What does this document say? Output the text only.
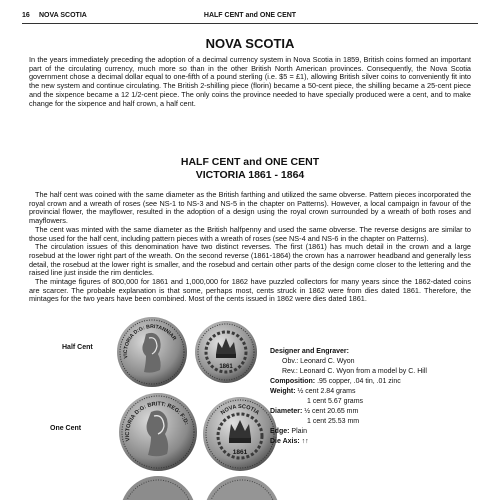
16 NOVA SCOTIA	HALF CENT and ONE CENT
NOVA SCOTIA

In the years immediately preceding the adoption of a decimal currency system in Nova Scotia in 1859, British coins formed an important part of the circulating currency, much more so than in the other British North American provinces. Consequently, the Nova Scotia government chose a decimal dollar equal to one-fifth of a pound sterling (i.e. $5 = £1), allowing British silver coins to conveniently fit into the new system and continue circulating. The British 2-shilling piece (florin) became a 50-cent piece, the shilling became a 25-cent piece and the sixpence became a 12 1/2-cent piece. The only coins the province needed to have specially produced were a cent, and to make change for the sixpence and half crown, a half cent.

HALF CENT and ONE CENT
VICTORIA 1861 - 1864

The half cent was coined with the same diameter as the British farthing and utilized the same obverse. Pattern pieces incorporated the royal crown and a wreath of roses (see NS-1 to NS-3 and NS-5 in the chapter on Patterns). However, a local campaign in favour of the provincial flower, the mayflower, resulted in the adoption of a design using the royal crown surrounded by a wreath of both roses and mayflowers.

The cent was minted with the same diameter as the British halfpenny and used the same obverse. The reverse designs are similar to those used for the half cent, including pattern pieces with a wreath of roses (see NS-4 and NS-6 in the chapter on Patterns).

The circulation issues of this denomination have two distinct reverses. The first (1861) has much detail in the crown and a large rosebud at the lower right part of the wreath. On the second reverse (1861-1864) the crown has a narrower headband and generally less detail, the rosebud at the lower right is smaller, and the rosebud and certain other parts of the design come closer to the lettering and the raised line just inside the rim denticles.

The mintage figures of 800,000 for 1861 and 1,000,000 for 1862 have puzzled collectors for many years since the 1862-dated coins are scarcer. The probable explanation is that some, perhaps most, cents struck in 1862 were from dies dated 1861. Therefore, the mintages for the two years have been combined. Most of the cents issued in 1862 were dies dated 1861.

Half Cent
One Cent
VICTORIA D:G: BRITANNIAR
1861
VICTORIA D:G: BRITT: REG: F:D:
NOVA SCOTIA
1861
Designer and Engraver:
Obv.: Leonard C. Wyon
Rev.: Leonard C. Wyon from a model by C. Hill
Composition: .95 copper, .04 tin, .01 zinc
Weight: ½ cent 2.84 grams
1 cent 5.67 grams
Diameter: ½ cent 20.65 mm
1 cent 25.53 mm
Edge: Plain
Die Axis: ↑↑
